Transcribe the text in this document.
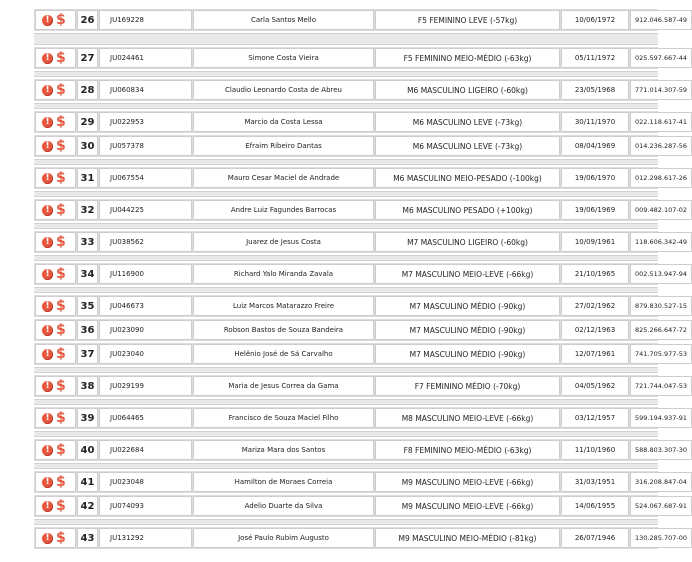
! $	26	JU169228	Carla Santos Mello	F5 FEMININO LEVE (-57kg)	10/06/1972	912.046.587-49
! $	27	JU024461	Simone Costa Vieira	F5 FEMININO MEIO-MÉDIO (-63kg)	05/11/1972	025.597.667-44
! $	28	JU060834	Claudio Leonardo Costa de Abreu	M6 MASCULINO LIGEIRO (-60kg)	23/05/1968	771.014.307-59
! $	29	JU022953	Marcio da Costa Lessa	M6 MASCULINO LEVE (-73kg)	30/11/1970	022.118.617-41
! $	30	JU057378	Efraim Ribeiro Dantas	M6 MASCULINO LEVE (-73kg)	08/04/1969	014.236.287-56
! $	31	JU067554	Mauro Cesar Maciel de Andrade	M6 MASCULINO MEIO-PESADO (-100kg)	19/06/1970	012.298.617-26
! $	32	JU044225	Andre Luiz Fagundes Barrocas	M6 MASCULINO PESADO (+100kg)	19/06/1969	009.482.107-02
! $	33	JU038562	Juarez de Jesus Costa	M7 MASCULINO LIGEIRO (-60kg)	10/09/1961	118.606.342-49
! $	34	JU116900	Richard Yalo Miranda Zavala	M7 MASCULINO MEIO-LEVE (-66kg)	21/10/1965	002.513.947-94
! $	35	JU046673	Luiz Marcos Matarazzo Freire	M7 MASCULINO MÉDIO (-90kg)	27/02/1962	879.830.527-15
! $	36	JU023090	Robson Bastos de Souza Bandeira	M7 MASCULINO MÉDIO (-90kg)	02/12/1963	825.266.647-72
! $	37	JU023040	Helênio José de Sá Carvalho	M7 MASCULINO MÉDIO (-90kg)	12/07/1961	741.705.977-53
! $	38	JU029199	Maria de Jesus Correa da Gama	F7 FEMININO MÉDIO (-70kg)	04/05/1962	721.744.047-53
! $	39	JU064465	Francisco de Souza Maciel Filho	M8 MASCULINO MEIO-LEVE (-66kg)	03/12/1957	599.194.937-91
! $	40	JU022684	Mariza Mara dos Santos	F8 FEMININO MEIO-MÉDIO (-63kg)	11/10/1960	588.803.307-30
! $	41	JU023048	Hamilton de Moraes Correia	M9 MASCULINO MEIO-LEVE (-66kg)	31/03/1951	316.208.847-04
! $	42	JU074093	Adelio Duarte da Silva	M9 MASCULINO MEIO-LEVE (-66kg)	14/06/1955	524.067.687-91
! $	43	JU131292	José Paulo Rubim Augusto	M9 MASCULINO MEIO-MÉDIO (-81kg)	26/07/1946	130.285.707-00
